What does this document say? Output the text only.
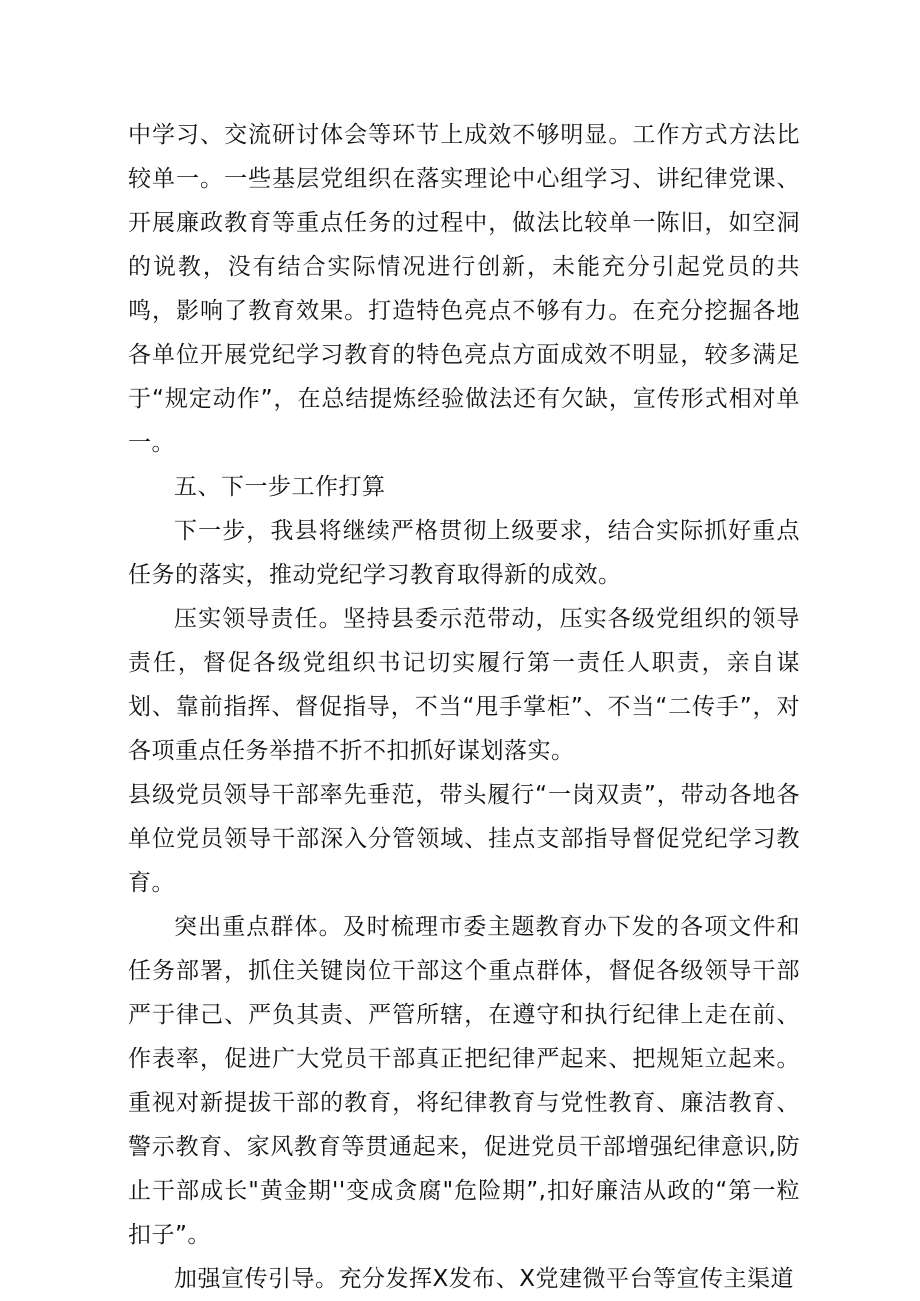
中学习、交流研讨体会等环节上成效不够明显。工作方式方法比较单一。一些基层党组织在落实理论中心组学习、讲纪律党课、开展廉政教育等重点任务的过程中，做法比较单一陈旧，如空洞的说教，没有结合实际情况进行创新，未能充分引起党员的共鸣，影响了教育效果。打造特色亮点不够有力。在充分挖掘各地各单位开展党纪学习教育的特色亮点方面成效不明显，较多满足于“规定动作”，在总结提炼经验做法还有欠缺，宣传形式相对单一。

五、下一步工作打算

下一步，我县将继续严格贯彻上级要求，结合实际抓好重点任务的落实，推动党纪学习教育取得新的成效。

压实领导责任。坚持县委示范带动，压实各级党组织的领导责任，督促各级党组织书记切实履行第一责任人职责，亲自谋划、靠前指挥、督促指导，不当“甩手掌柜”、不当“二传手”，对各项重点任务举措不折不扣抓好谋划落实。

县级党员领导干部率先垂范，带头履行“一岗双责”，带动各地各单位党员领导干部深入分管领域、挂点支部指导督促党纪学习教育。

突出重点群体。及时梳理市委主题教育办下发的各项文件和任务部署，抓住关键岗位干部这个重点群体，督促各级领导干部严于律己、严负其责、严管所辖，在遵守和执行纪律上走在前、作表率，促进广大党员干部真正把纪律严起来、把规矩立起来。重视对新提拔干部的教育，将纪律教育与党性教育、廉洁教育、警示教育、家风教育等贯通起来，促进党员干部增强纪律意识,防止干部成长"黄金期''变成贪腐"危险期”,扣好廉洁从政的“第一粒扣子”。

加强宣传引导。充分发挥X发布、X党建微平台等宣传主渠道
